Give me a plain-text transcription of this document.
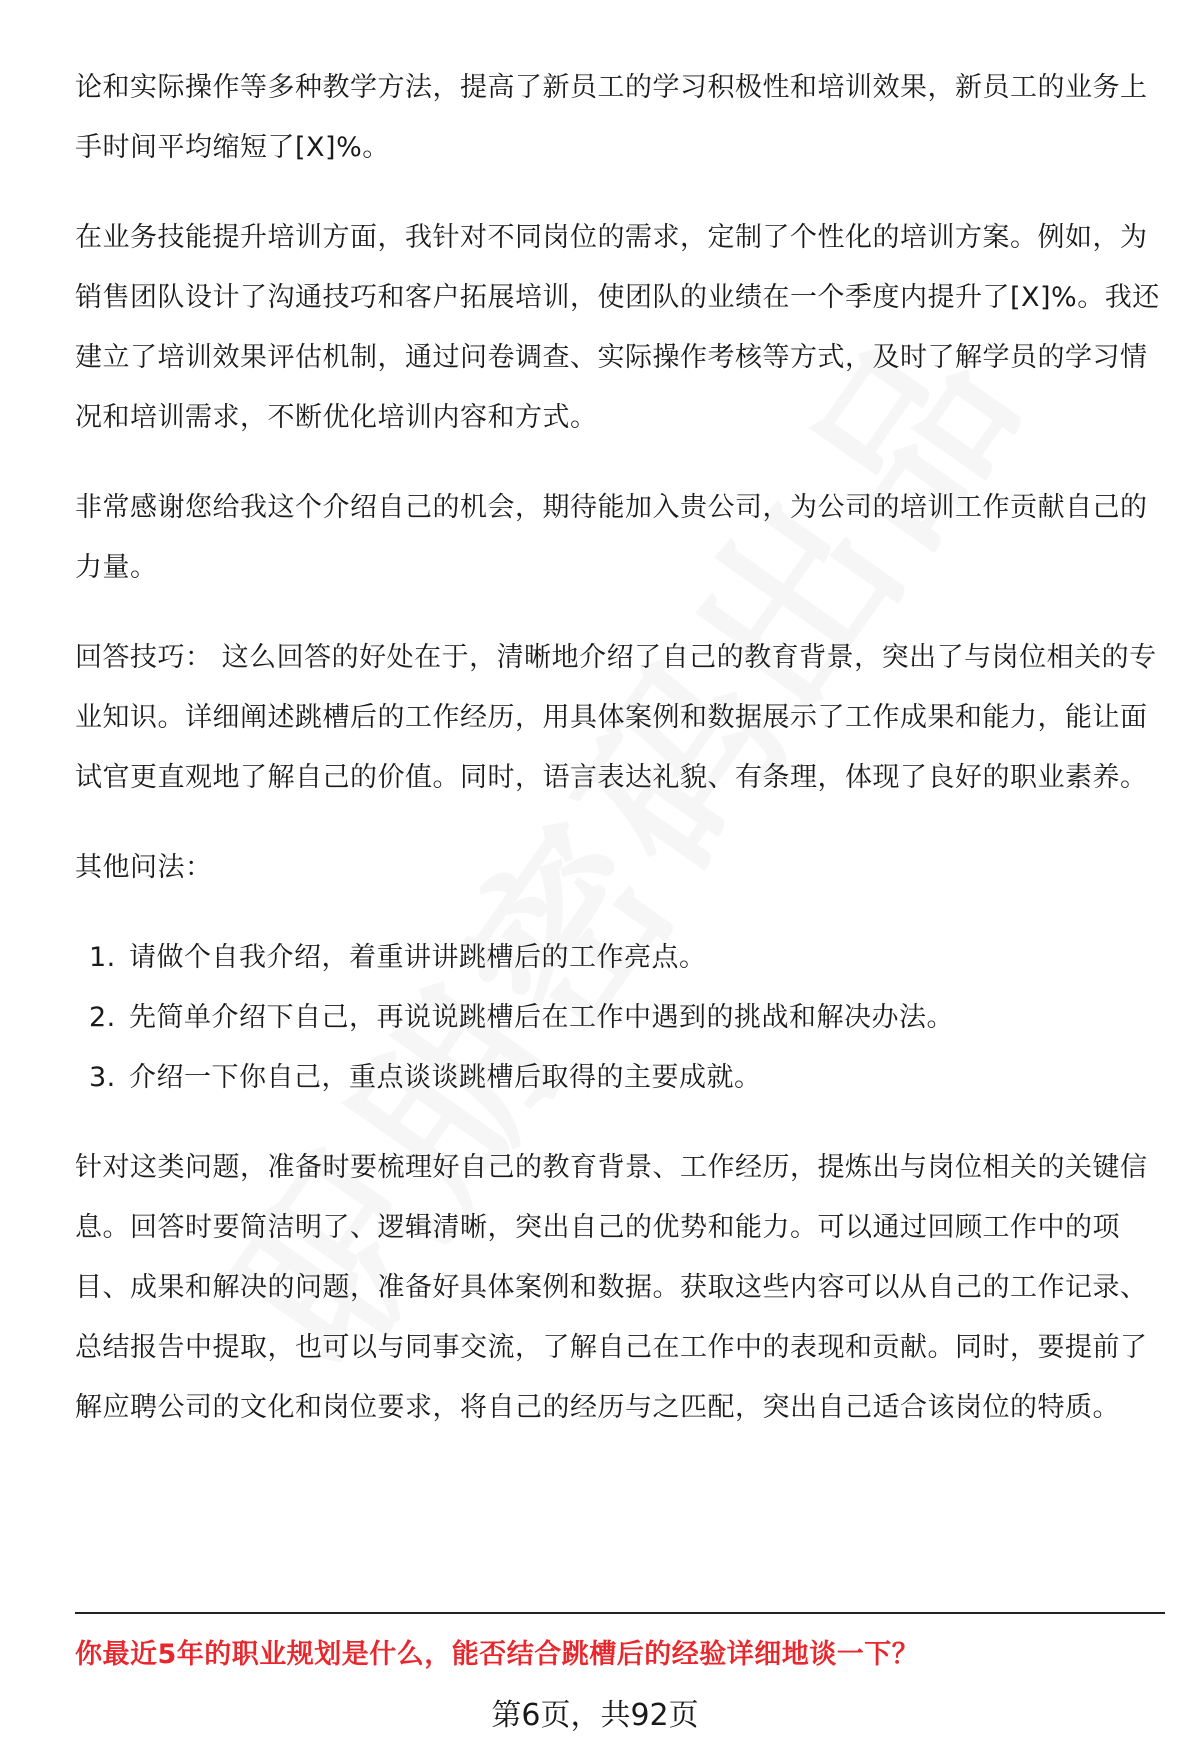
论和实际操作等多种教学方法，提高了新员工的学习积极性和培训效果，新员工的业务上手时间平均缩短了[X]%。

在业务技能提升培训方面，我针对不同岗位的需求，定制了个性化的培训方案。例如，为销售团队设计了沟通技巧和客户拓展培训，使团队的业绩在一个季度内提升了[X]%。我还建立了培训效果评估机制，通过问卷调查、实际操作考核等方式，及时了解学员的学习情况和培训需求，不断优化培训内容和方式。

非常感谢您给我这个介绍自己的机会，期待能加入贵公司，为公司的培训工作贡献自己的力量。

回答技巧： 这么回答的好处在于，清晰地介绍了自己的教育背景，突出了与岗位相关的专业知识。详细阐述跳槽后的工作经历，用具体案例和数据展示了工作成果和能力，能让面试官更直观地了解自己的价值。同时，语言表达礼貌、有条理，体现了良好的职业素养。

其他问法：

1. 请做个自我介绍，着重讲讲跳槽后的工作亮点。
2. 先简单介绍下自己，再说说跳槽后在工作中遇到的挑战和解决办法。
3. 介绍一下你自己，重点谈谈跳槽后取得的主要成就。

针对这类问题，准备时要梳理好自己的教育背景、工作经历，提炼出与岗位相关的关键信息。回答时要简洁明了、逻辑清晰，突出自己的优势和能力。可以通过回顾工作中的项目、成果和解决的问题，准备好具体案例和数据。获取这些内容可以从自己的工作记录、总结报告中提取，也可以与同事交流，了解自己在工作中的表现和贡献。同时，要提前了解应聘公司的文化和岗位要求，将自己的经历与之匹配，突出自己适合该岗位的特质。

你最近5年的职业规划是什么，能否结合跳槽后的经验详细地谈一下？

第6页，共92页
